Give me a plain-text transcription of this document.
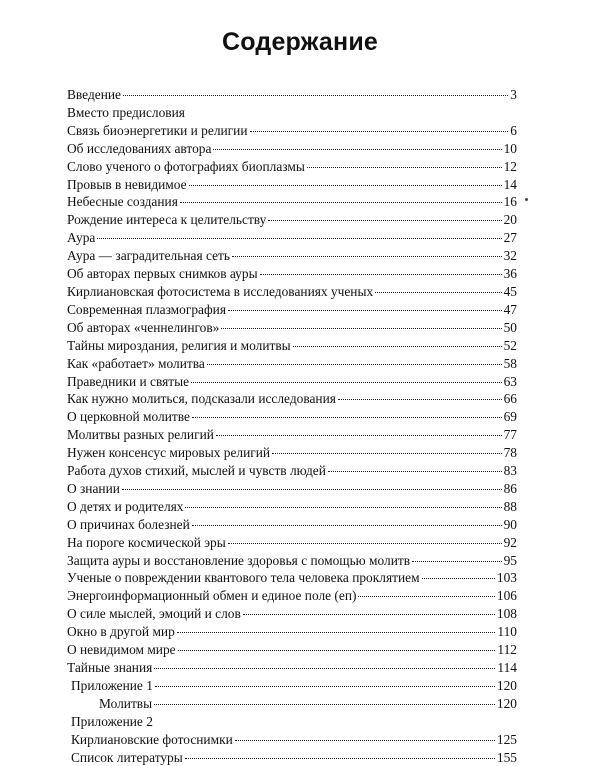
Содержание
Введение	3
Вместо предисловия
Связь биоэнергетики и религии	6
Об исследованиях автора	10
Слово ученого о фотографиях биоплазмы	12
Провыв в невидимое	14
Небесные создания	16
Рождение интереса к целительству	20
Аура	27
Аура — заградительная сеть	32
Об авторах первых снимков ауры	36
Кирлиановская фотосистема в исследованиях ученых	45
Современная плазмография	47
Об авторах «ченнелингов»	50
Тайны мироздания, религия и молитвы	52
Как «работает» молитва	58
Праведники и святые	63
Как нужно молиться, подсказали исследования	66
О церковной молитве	69
Молитвы разных религий	77
Нужен консенсус мировых религий	78
Работа духов стихий, мыслей и чувств людей	83
О знании	86
О детях и родителях	88
О причинах болезней	90
На пороге космической эры	92
Защита ауры и восстановление здоровья с помощью молитв	95
Ученые о повреждении квантового тела человека проклятием	103
Энергоинформационный обмен и единое поле (еп)	106
О силе мыслей, эмоций и слов	108
Окно в другой мир	110
О невидимом мире	112
Тайные знания	114
Приложение 1	120
Молитвы	120
Приложение 2
Кирлиановские фотоснимки	125
Список литературы	155
